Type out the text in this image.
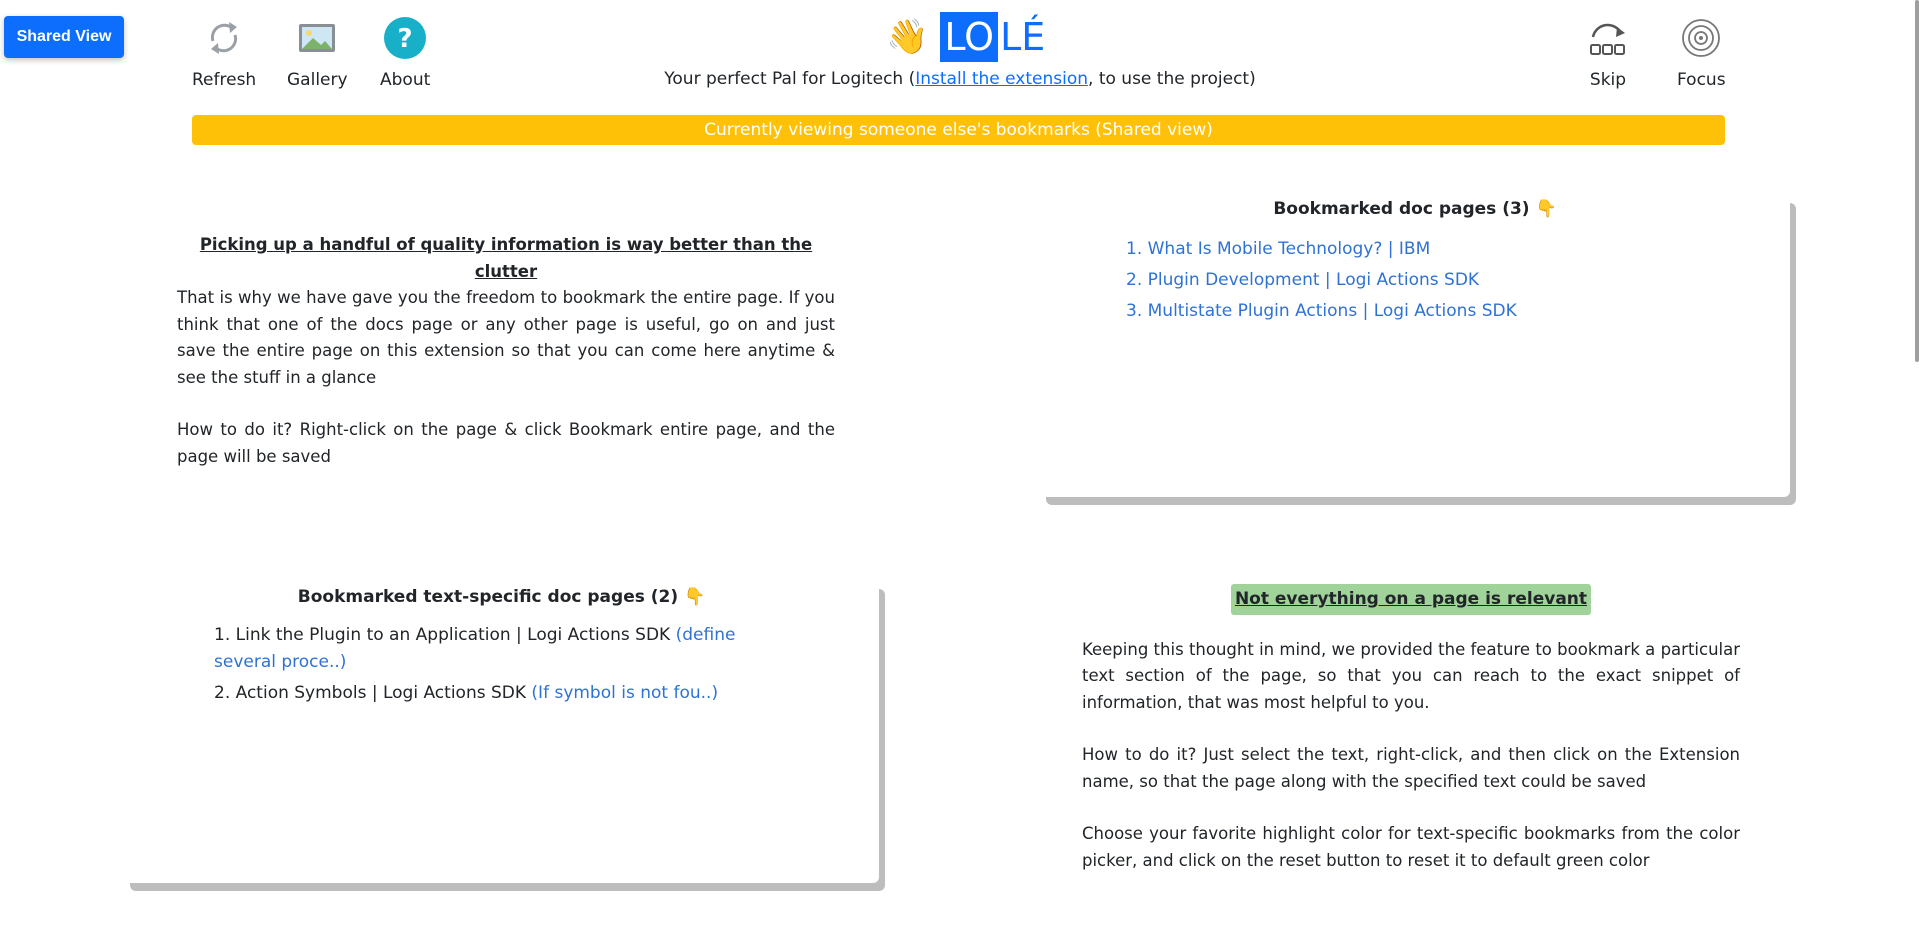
Shared View
Refresh Gallery
?
About
👋 LO LÉ
Your perfect Pal for Logitech (Install the extension, to use the project)	Skip	Focus
Currently viewing someone else's bookmarks (Shared view)
Picking up a handful of quality information is way better than the clutter

That is why we have gave you the freedom to bookmark the entire page. If you think that one of the docs page or any other page is useful, go on and just save the entire page on this extension so that you can come here anytime & see the stuff in a glance

How to do it? Right-click on the page & click Bookmark entire page, and the page will be saved

Bookmarked doc pages (3) 👇
1. What Is Mobile Technology? | IBM
2. Plugin Development | Logi Actions SDK
3. Multistate Plugin Actions | Logi Actions SDK
Bookmarked text-specific doc pages (2) 👇
1. Link the Plugin to an Application | Logi Actions SDK (define several proce..)
2. Action Symbols | Logi Actions SDK (If symbol is not fou..)
Not everything on a page is relevant

Keeping this thought in mind, we provided the feature to bookmark a particular text section of the page, so that you can reach to the exact snippet of information, that was most helpful to you.

How to do it? Just select the text, right-click, and then click on the Extension name, so that the page along with the specified text could be saved

Choose your favorite highlight color for text-specific bookmarks from the color picker, and click on the reset button to reset it to default green color
